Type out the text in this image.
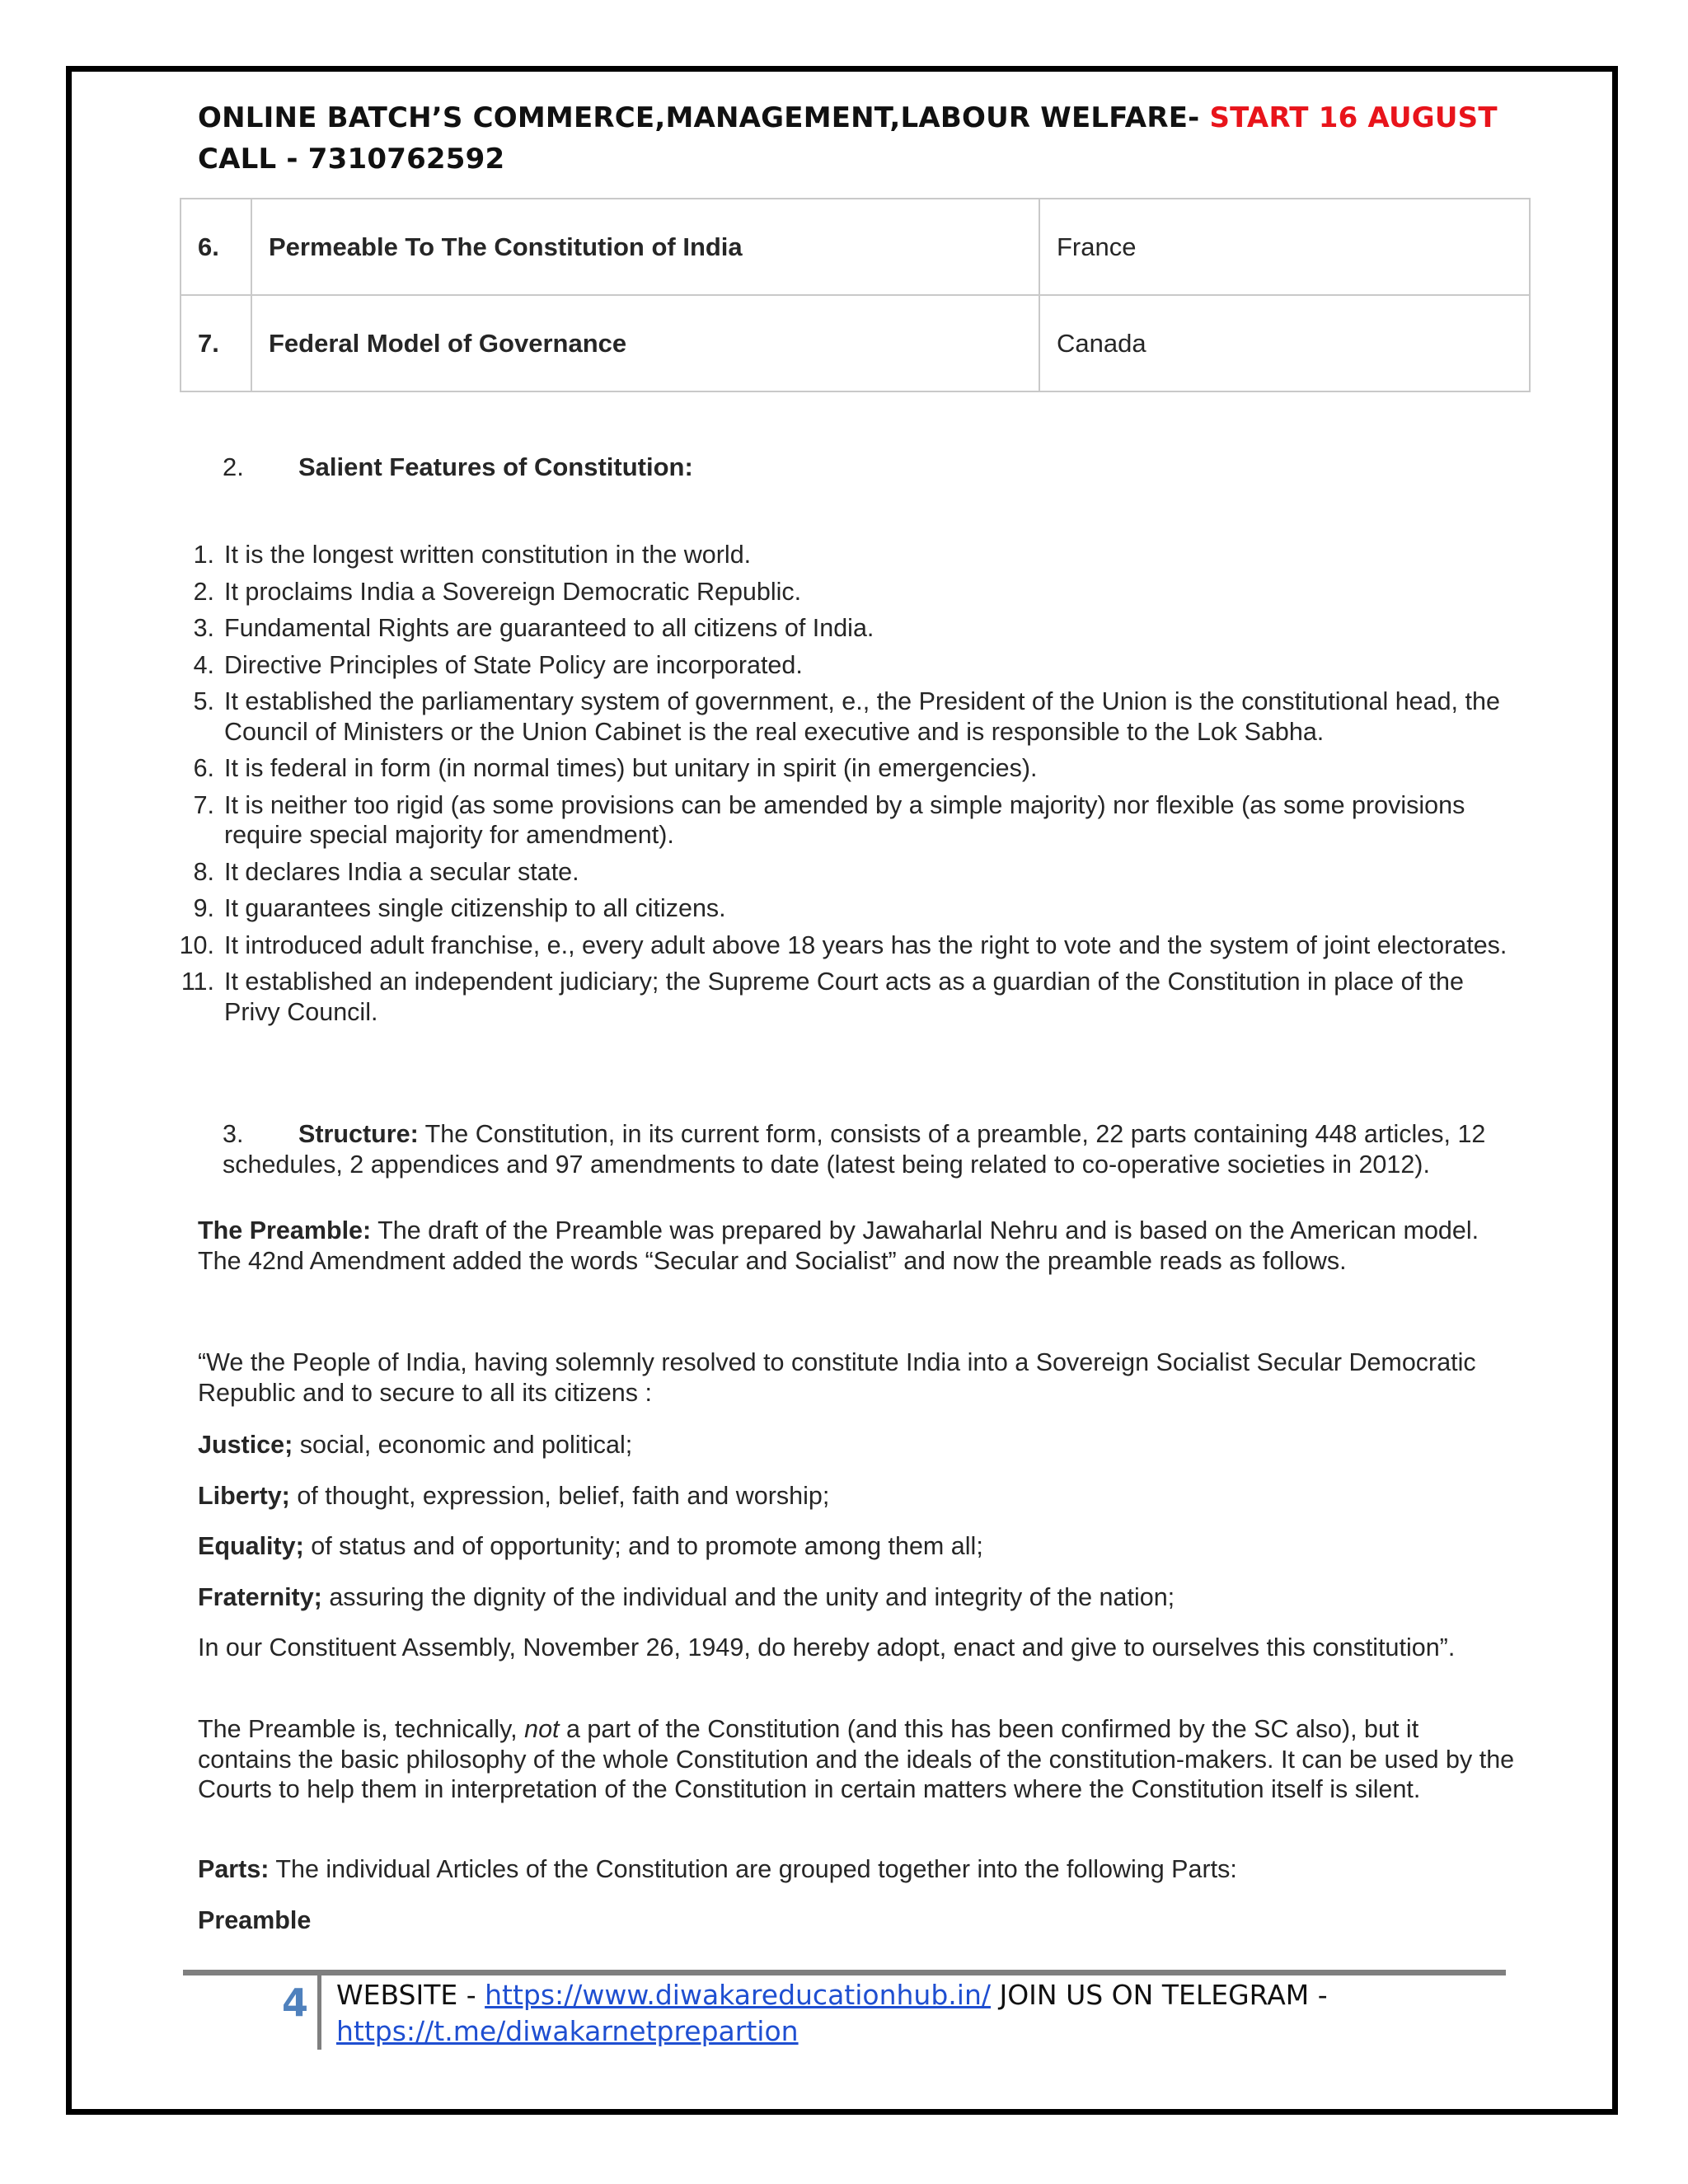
ONLINE BATCH’S COMMERCE,MANAGEMENT,LABOUR WELFARE- START 16 AUGUST CALL - 7310762592
6.	Permeable To The Constitution of India	France
7.	Federal Model of Governance	Canada
2. Salient Features of Constitution:
1. It is the longest written constitution in the world.
2. It proclaims India a Sovereign Democratic Republic.
3. Fundamental Rights are guaranteed to all citizens of India.
4. Directive Principles of State Policy are incorporated.
5. It established the parliamentary system of government, e., the President of the Union is the constitutional head, the Council of Ministers or the Union Cabinet is the real executive and is responsible to the Lok Sabha.
6. It is federal in form (in normal times) but unitary in spirit (in emergencies).
7. It is neither too rigid (as some provisions can be amended by a simple majority) nor flexible (as some provisions require special majority for amendment).
8. It declares India a secular state.
9. It guarantees single citizenship to all citizens.
10. It introduced adult franchise, e., every adult above 18 years has the right to vote and the system of joint electorates.
11. It established an independent judiciary; the Supreme Court acts as a guardian of the Constitution in place of the Privy Council.
3. Structure: The Constitution, in its current form, consists of a preamble, 22 parts containing 448 articles, 12 schedules, 2 appendices and 97 amendments to date (latest being related to co-operative societies in 2012).
The Preamble: The draft of the Preamble was prepared by Jawaharlal Nehru and is based on the American model. The 42nd Amendment added the words “Secular and Socialist” and now the preamble reads as follows.
“We the People of India, having solemnly resolved to constitute India into a Sovereign Socialist Secular Democratic Republic and to secure to all its citizens :
Justice; social, economic and political;
Liberty; of thought, expression, belief, faith and worship;
Equality; of status and of opportunity; and to promote among them all;
Fraternity; assuring the dignity of the individual and the unity and integrity of the nation;
In our Constituent Assembly, November 26, 1949, do hereby adopt, enact and give to ourselves this constitution”.
The Preamble is, technically, not a part of the Constitution (and this has been confirmed by the SC also), but it contains the basic philosophy of the whole Constitution and the ideals of the constitution-makers. It can be used by the Courts to help them in interpretation of the Constitution in certain matters where the Constitution itself is silent.
Parts: The individual Articles of the Constitution are grouped together into the following Parts:
Preamble
4 WEBSITE - https://www.diwakareducationhub.in/ JOIN US ON TELEGRAM -
https://t.me/diwakarnetprepartion
